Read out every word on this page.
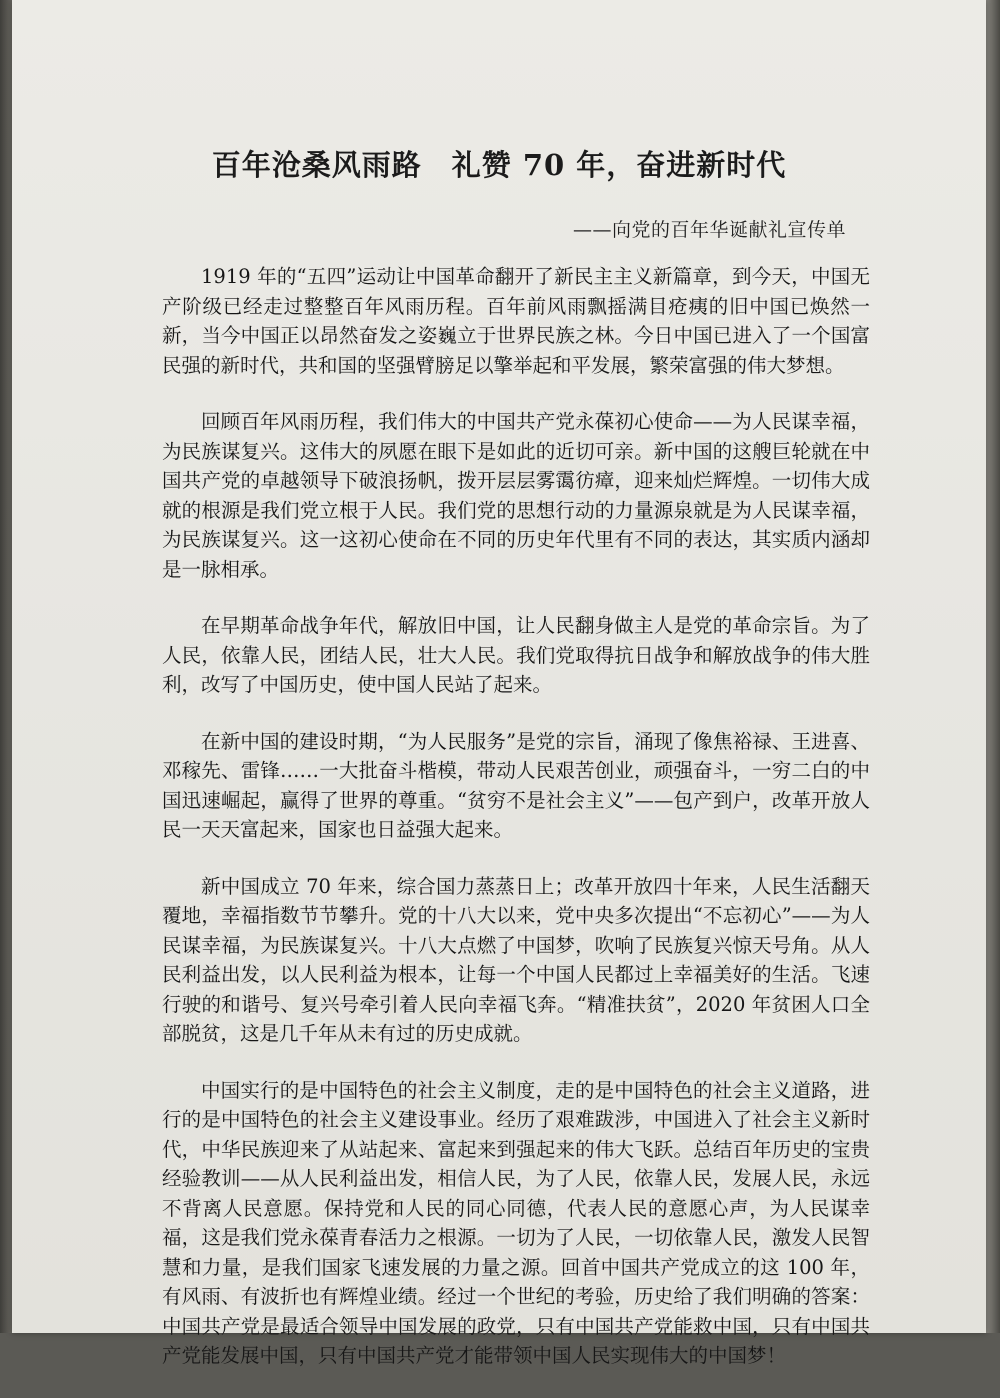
百年沧桑风雨路　礼赞 70 年，奋进新时代
——向党的百年华诞献礼宣传单

1919 年的“五四”运动让中国革命翻开了新民主主义新篇章，到今天，中国无产阶级已经走过整整百年风雨历程。百年前风雨飘摇满目疮痍的旧中国已焕然一新，当今中国正以昂然奋发之姿巍立于世界民族之林。今日中国已进入了一个国富民强的新时代，共和国的坚强臂膀足以擎举起和平发展，繁荣富强的伟大梦想。

回顾百年风雨历程，我们伟大的中国共产党永葆初心使命——为人民谋幸福，为民族谋复兴。这伟大的夙愿在眼下是如此的近切可亲。新中国的这艘巨轮就在中国共产党的卓越领导下破浪扬帆，拨开层层雾霭彷瘴，迎来灿烂辉煌。一切伟大成就的根源是我们党立根于人民。我们党的思想行动的力量源泉就是为人民谋幸福，为民族谋复兴。这一这初心使命在不同的历史年代里有不同的表达，其实质内涵却是一脉相承。

在早期革命战争年代，解放旧中国，让人民翻身做主人是党的革命宗旨。为了人民，依靠人民，团结人民，壮大人民。我们党取得抗日战争和解放战争的伟大胜利，改写了中国历史，使中国人民站了起来。

在新中国的建设时期，“为人民服务”是党的宗旨，涌现了像焦裕禄、王进喜、邓稼先、雷锋……一大批奋斗楷模，带动人民艰苦创业，顽强奋斗，一穷二白的中国迅速崛起，赢得了世界的尊重。“贫穷不是社会主义”——包产到户，改革开放人民一天天富起来，国家也日益强大起来。

新中国成立 70 年来，综合国力蒸蒸日上；改革开放四十年来，人民生活翻天覆地，幸福指数节节攀升。党的十八大以来，党中央多次提出“不忘初心”——为人民谋幸福，为民族谋复兴。十八大点燃了中国梦，吹响了民族复兴惊天号角。从人民利益出发，以人民利益为根本，让每一个中国人民都过上幸福美好的生活。飞速行驶的和谐号、复兴号牵引着人民向幸福飞奔。“精准扶贫”，2020 年贫困人口全部脱贫，这是几千年从未有过的历史成就。

中国实行的是中国特色的社会主义制度，走的是中国特色的社会主义道路，进行的是中国特色的社会主义建设事业。经历了艰难跋涉，中国进入了社会主义新时代，中华民族迎来了从站起来、富起来到强起来的伟大飞跃。总结百年历史的宝贵经验教训——从人民利益出发，相信人民，为了人民，依靠人民，发展人民，永远不背离人民意愿。保持党和人民的同心同德，代表人民的意愿心声，为人民谋幸福，这是我们党永葆青春活力之根源。一切为了人民，一切依靠人民，激发人民智慧和力量，是我们国家飞速发展的力量之源。回首中国共产党成立的这 100 年，有风雨、有波折也有辉煌业绩。经过一个世纪的考验，历史给了我们明确的答案：中国共产党是最适合领导中国发展的政党，只有中国共产党能救中国，只有中国共产党能发展中国，只有中国共产党才能带领中国人民实现伟大的中国梦！
